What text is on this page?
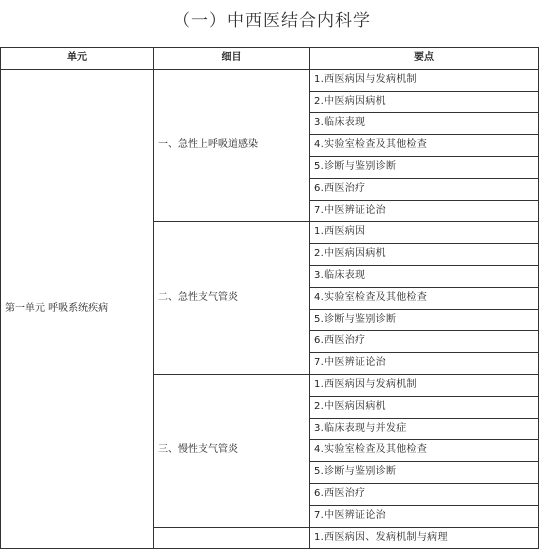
（一）中西医结合内科学
单元	细目	要点
第一单元 呼吸系统疾病	一、急性上呼吸道感染	1.西医病因与发病机制
		2.中医病因病机
		3.临床表现
		4.实验室检查及其他检查
		5.诊断与鉴别诊断
		6.西医治疗
		7.中医辨证论治
	二、急性支气管炎	1.西医病因
		2.中医病因病机
		3.临床表现
		4.实验室检查及其他检查
		5.诊断与鉴别诊断
		6.西医治疗
		7.中医辨证论治
	三、慢性支气管炎	1.西医病因与发病机制
		2.中医病因病机
		3.临床表现与并发症
		4.实验室检查及其他检查
		5.诊断与鉴别诊断
		6.西医治疗
		7.中医辨证论治
		1.西医病因、发病机制与病理
